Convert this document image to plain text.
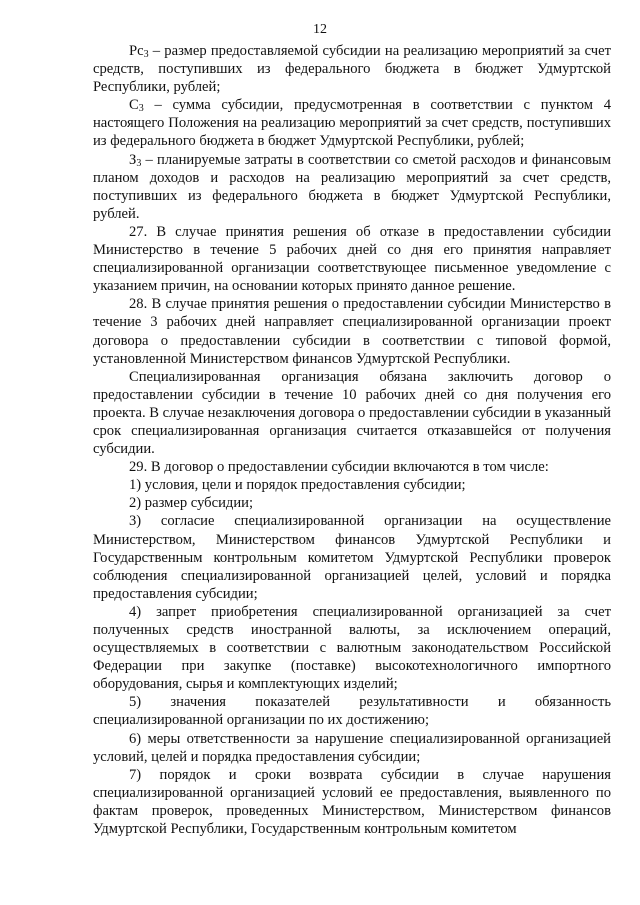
12

$Рс_3$ – размер предоставляемой субсидии на реализацию мероприятий за счет средств, поступивших из федерального бюджета в бюджет Удмуртской Республики, рублей;

$С_3$ – сумма субсидии, предусмотренная в соответствии с пунктом 4 настоящего Положения на реализацию мероприятий за счет средств, поступивших из федерального бюджета в бюджет Удмуртской Республики, рублей;

$З_3$ – планируемые затраты в соответствии со сметой расходов и финансовым планом доходов и расходов на реализацию мероприятий за счет средств, поступивших из федерального бюджета в бюджет Удмуртской Республики, рублей.

27. В случае принятия решения об отказе в предоставлении субсидии Министерство в течение 5 рабочих дней со дня его принятия направляет специализированной организации соответствующее письменное уведомление с указанием причин, на основании которых принято данное решение.

28. В случае принятия решения о предоставлении субсидии Министерство в течение 3 рабочих дней направляет специализированной организации проект договора о предоставлении субсидии в соответствии с типовой формой, установленной Министерством финансов Удмуртской Республики.

Специализированная организация обязана заключить договор о предоставлении субсидии в течение 10 рабочих дней со дня получения его проекта. В случае незаключения договора о предоставлении субсидии в указанный срок специализированная организация считается отказавшейся от получения субсидии.

29. В договор о предоставлении субсидии включаются в том числе:

1) условия, цели и порядок предоставления субсидии;

2) размер субсидии;

3) согласие специализированной организации на осуществление Министерством, Министерством финансов Удмуртской Республики и Государственным контрольным комитетом Удмуртской Республики проверок соблюдения специализированной организацией целей, условий и порядка предоставления субсидии;

4) запрет приобретения специализированной организацией за счет полученных средств иностранной валюты, за исключением операций, осуществляемых в соответствии с валютным законодательством Российской Федерации при закупке (поставке) высокотехнологичного импортного оборудования, сырья и комплектующих изделий;

5) значения показателей результативности и обязанность специализированной организации по их достижению;

6) меры ответственности за нарушение специализированной организацией условий, целей и порядка предоставления субсидии;

7) порядок и сроки возврата субсидии в случае нарушения специализированной организацией условий ее предоставления, выявленного по фактам проверок, проведенных Министерством, Министерством финансов Удмуртской Республики, Государственным контрольным комитетом
